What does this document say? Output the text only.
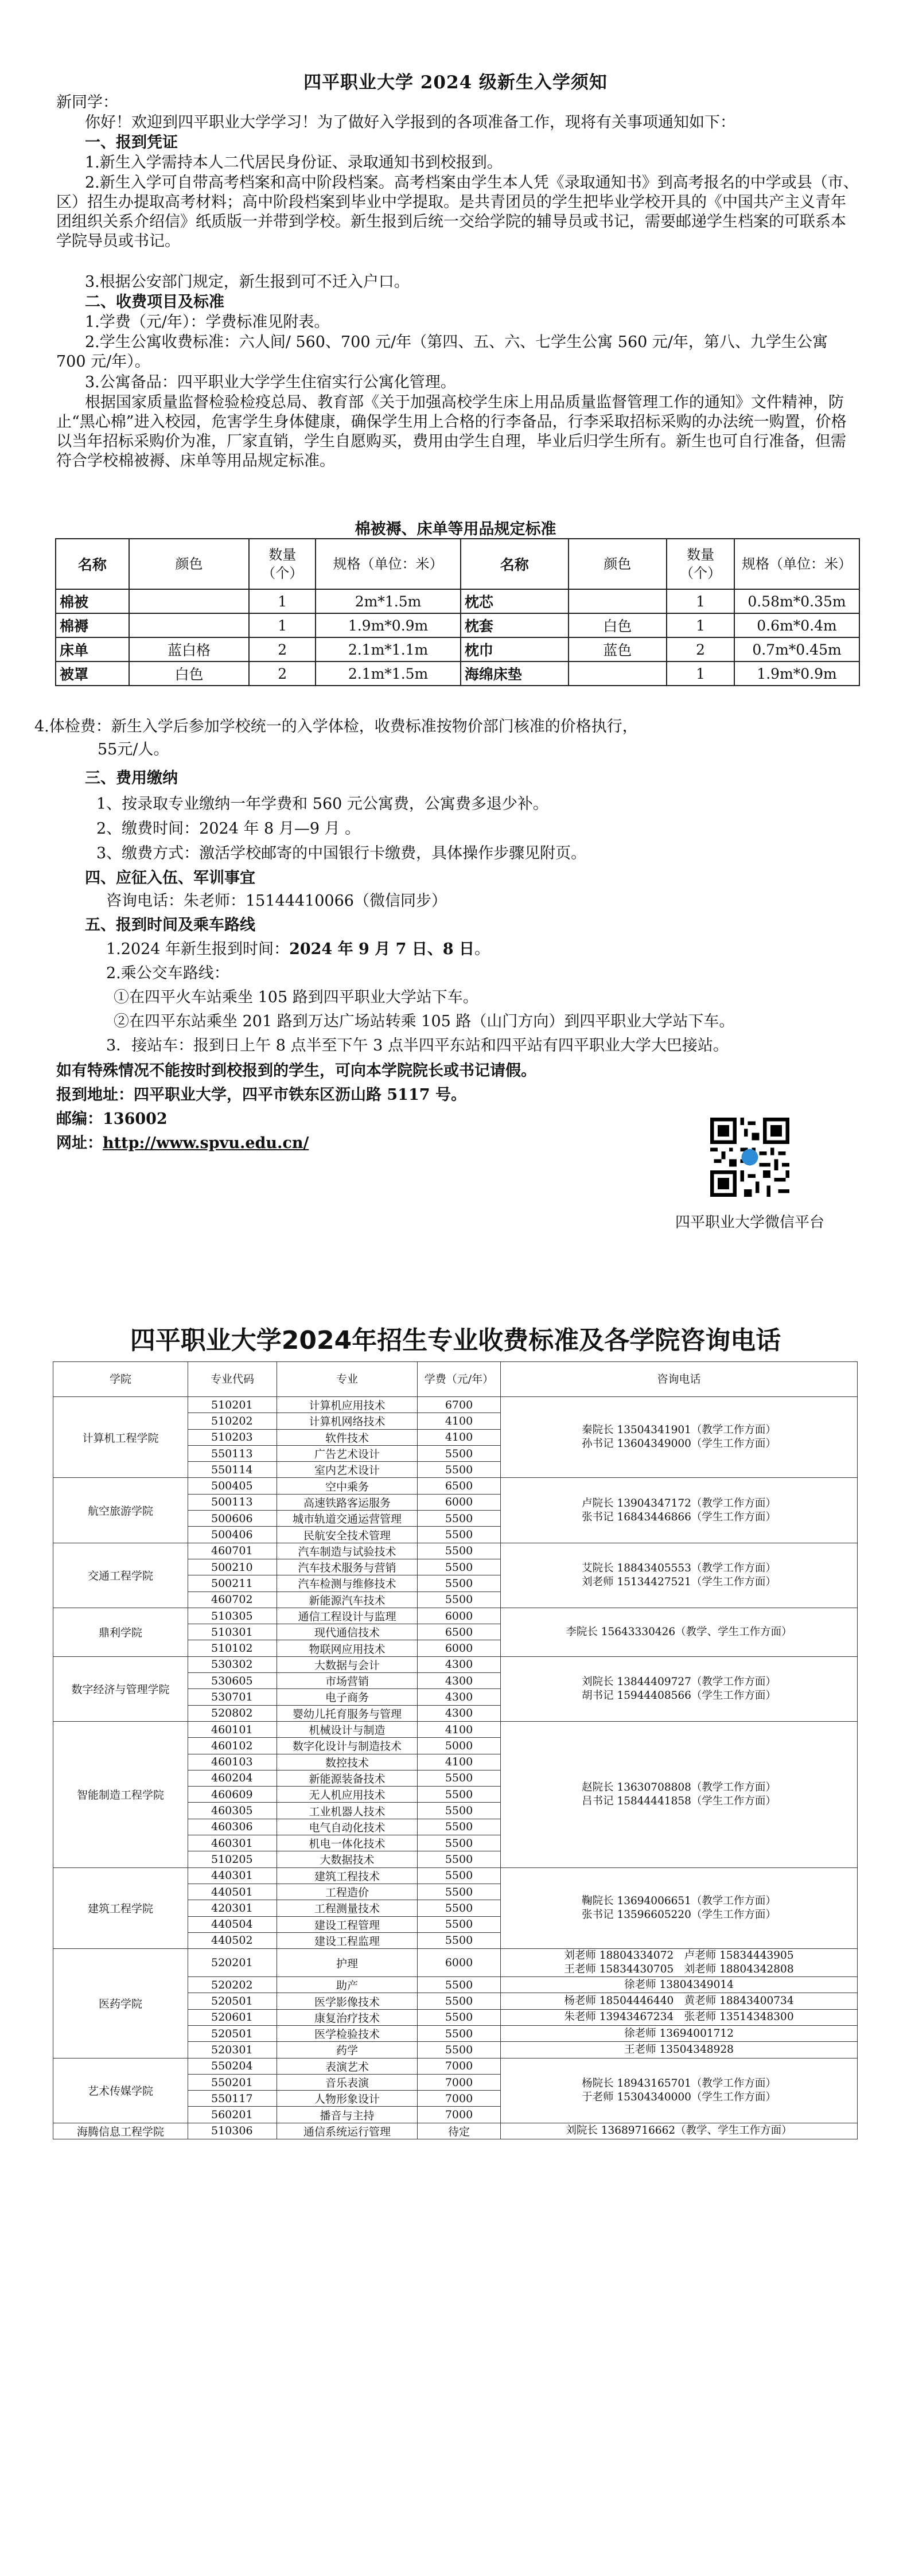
四平职业大学 2024 级新生入学须知
新同学：
你好！欢迎到四平职业大学学习！为了做好入学报到的各项准备工作，现将有关事项通知如下：
一、报到凭证
1.新生入学需持本人二代居民身份证、录取通知书到校报到。
2.新生入学可自带高考档案和高中阶段档案。高考档案由学生本人凭《录取通知书》到高考报名的中学或县（市、区）招生办提取高考材料；高中阶段档案到毕业中学提取。是共青团员的学生把毕业学校开具的《中国共产主义青年团组织关系介绍信》纸质版一并带到学校。新生报到后统一交给学院的辅导员或书记，需要邮递学生档案的可联系本学院导员或书记。
3.根据公安部门规定，新生报到可不迁入户口。
二、收费项目及标准
1.学费（元/年）：学费标准见附表。
2.学生公寓收费标准：六人间/ 560、700 元/年（第四、五、六、七学生公寓 560 元/年，第八、九学生公寓 700 元/年）。
3.公寓备品：四平职业大学学生住宿实行公寓化管理。
根据国家质量监督检验检疫总局、教育部《关于加强高校学生床上用品质量监督管理工作的通知》文件精神，防止“黑心棉”进入校园，危害学生身体健康，确保学生用上合格的行李备品，行李采取招标采购的办法统一购置，价格以当年招标采购价为准，厂家直销，学生自愿购买，费用由学生自理，毕业后归学生所有。新生也可自行准备，但需符合学校棉被褥、床单等用品规定标准。
棉被褥、床单等用品规定标准
名称	颜色	数量（个）	规格（单位：米）	名称	颜色	数量（个）	规格（单位：米）
棉被		1	2m*1.5m	枕芯		1	0.58m*0.35m
棉褥		1	1.9m*0.9m	枕套	白色	1	0.6m*0.4m
床单	蓝白格	2	2.1m*1.1m	枕巾	蓝色	2	0.7m*0.45m
被罩	白色	2	2.1m*1.5m	海绵床垫		1	1.9m*0.9m
4.体检费：新生入学后参加学校统一的入学体检，收费标准按物价部门核准的价格执行，
55元/人。
三、费用缴纳
1、按录取专业缴纳一年学费和 560 元公寓费，公寓费多退少补。
2、缴费时间：2024 年 8 月—9 月 。
3、缴费方式：激活学校邮寄的中国银行卡缴费，具体操作步骤见附页。
四、应征入伍、军训事宜
咨询电话：朱老师：15144410066（微信同步）
五、报到时间及乘车路线
1.2024 年新生报到时间：2024 年 9 月 7 日、8 日。
2.乘公交车路线：
①在四平火车站乘坐 105 路到四平职业大学站下车。
②在四平东站乘坐 201 路到万达广场站转乘 105 路（山门方向）到四平职业大学站下车。
3．接站车：报到日上午 8 点半至下午 3 点半四平东站和四平站有四平职业大学大巴接站。
如有特殊情况不能按时到校报到的学生，可向本学院院长或书记请假。
报到地址：四平职业大学，四平市铁东区沥山路 5117 号。
邮编：136002
网址：http://www.spvu.edu.cn/
四平职业大学微信平台
四平职业大学2024年招生专业收费标准及各学院咨询电话
学院	专业代码	专业	学费（元/年）	咨询电话
计算机工程学院	510201	计算机应用技术	6700	秦院长 13504341901（教学工作方面）
孙书记 13604349000（学生工作方面）

	510202	计算机网络技术	4100	
	510203	软件技术	4100	
	550113	广告艺术设计	5500	
	550114	室内艺术设计	5500	
航空旅游学院	500405	空中乘务	6500	卢院长 13904347172（教学工作方面）
张书记 16843446866（学生工作方面）

	500113	高速铁路客运服务	6000	
	500606	城市轨道交通运营管理	5500	
	500406	民航安全技术管理	5500	
交通工程学院	460701	汽车制造与试验技术	5500	艾院长 18843405553（教学工作方面）
刘老师 15134427521（学生工作方面）

	500210	汽车技术服务与营销	5500	
	500211	汽车检测与维修技术	5500	
	460702	新能源汽车技术	5500	
鼎利学院	510305	通信工程设计与监理	6000	李院长 15643330426（教学、学生工作方面）

	510301	现代通信技术	6500	
	510102	物联网应用技术	6000	
数字经济与管理学院	530302	大数据与会计	4300	刘院长 13844409727（教学工作方面）
胡书记 15944408566（学生工作方面）

	530605	市场营销	4300	
	530701	电子商务	4300	
	520802	婴幼儿托育服务与管理	4300	
智能制造工程学院	460101	机械设计与制造	4100	赵院长 13630708808（教学工作方面）
吕书记 15844441858（学生工作方面）

	460102	数字化设计与制造技术	5000	
	460103	数控技术	4100	
	460204	新能源装备技术	5500	
	460609	无人机应用技术	5500	
	460305	工业机器人技术	5500	
	460306	电气自动化技术	5500	
	460301	机电一体化技术	5500	
	510205	大数据技术	5500	
建筑工程学院	440301	建筑工程技术	5500	鞠院长 13694006651（教学工作方面）
张书记 13596605220（学生工作方面）

	440501	工程造价	5500	
	420301	工程测量技术	5500	
	440504	建设工程管理	5500	
	440502	建设工程监理	5500	
医药学院	520201	护理	6000	刘老师 18804334072　卢老师 15834443905
王老师 15834430705　刘老师 18804342808

	520202	助产	5500	徐老师 13804349014

	520501	医学影像技术	5500	杨老师 18504446440　黄老师 18843400734

	520601	康复治疗技术	5500	朱老师 13943467234　张老师 13514348300

	520501	医学检验技术	5500	徐老师 13694001712

	520301	药学	5500	王老师 13504348928

艺术传媒学院	550204	表演艺术	7000	杨院长 18943165701（教学工作方面）
于老师 15304340000（学生工作方面）

	550201	音乐表演	7000	
	550117	人物形象设计	7000	
	560201	播音与主持	7000	
海腾信息工程学院	510306	通信系统运行管理	待定	刘院长 13689716662（教学、学生工作方面）
